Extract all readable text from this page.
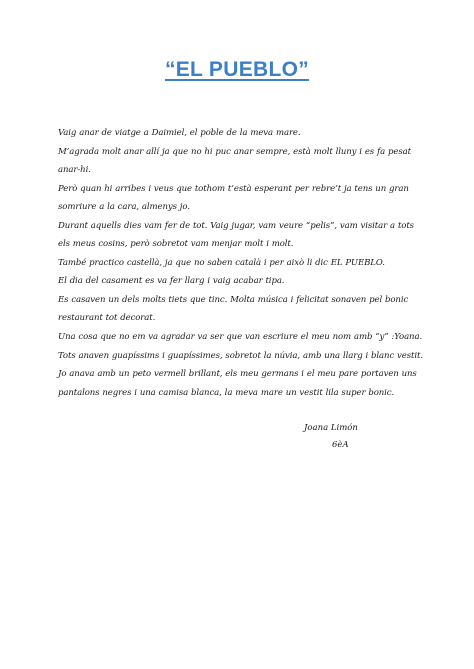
“EL PUEBLO”
Vaig anar de viatge a Daimiel, el poble de la meva mare.
M’agrada molt anar allí ja que no hi puc anar sempre, està molt lluny i es fa pesat
anar-hi.
Però quan hi arribes i veus que tothom t’està esperant per rebre’t ja tens un gran
somriure a la cara, almenys jo.
Durant aquells dies vam fer de tot. Vaig jugar, vam veure “pelis”, vam visitar a tots
els meus cosins, però sobretot vam menjar molt i molt.
També practico castellà, ja que no saben català i per això li dic EL PUEBLO.
El dia del casament es va fer llarg i vaig acabar tipa.
Es casaven un dels molts tiets que tinc. Molta música i felicitat sonaven pel bonic
restaurant tot decorat.
Una cosa que no em va agradar va ser que van escriure el meu nom amb “y” :Yoana.
Tots anaven guapíssims i guapíssimes, sobretot la núvia, amb una llarg i blanc vestit.
Jo anava amb un peto vermell brillant, els meu germans i el meu pare portaven uns
pantalons negres i una camisa blanca, la meva mare un vestit lila super bonic.
Joana Limón
6èA
